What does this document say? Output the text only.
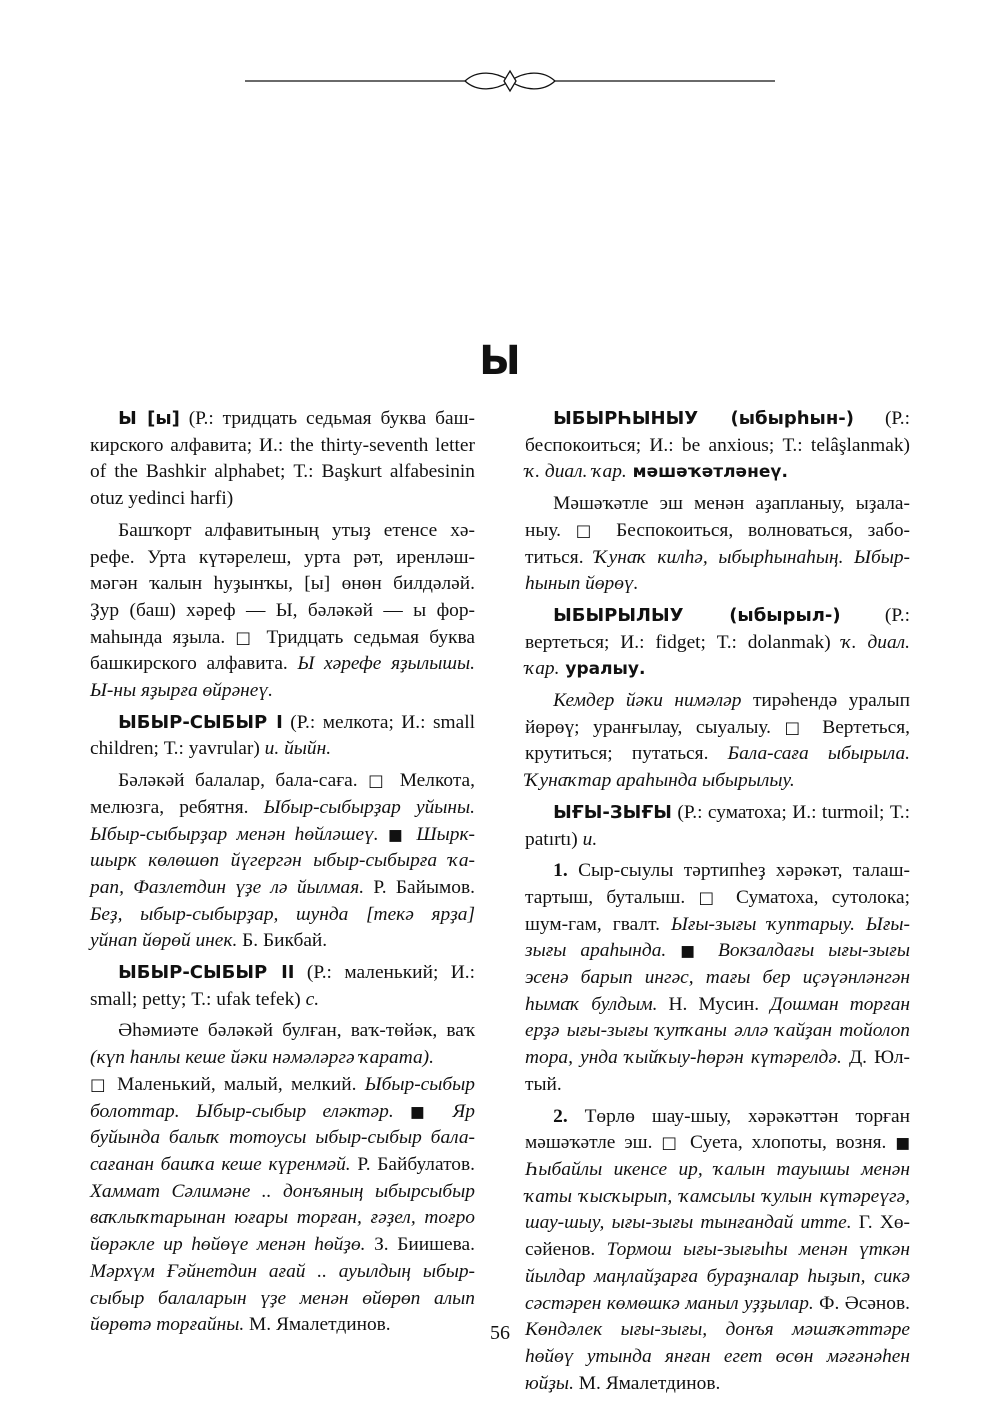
Ы

Ы [ы] (Р.: тридцать седьмая буква башкирского алфавита; И.: the thirty-seventh letter of the Bashkir alphabet; Т.: Başkurt alfabesinin otuz yedinci harfi)

Башҡорт алфавитының утыҙ етенсе хәрефе. Урта күтәрелеш, урта рәт, иренләшмәгән ҡалын һуҙынҡы, [ы] өнөн билдәләй. Ҙур (баш) хәреф — Ы, бәләкәй — ы формаһында яҙыла. □ Тридцать седьмая буква башкирского алфавита. Ы хәрефе яҙылышы. Ы-ны яҙырға өйрәнеү.

ЫБЫР-СЫБЫР I (Р.: мелкота; И.: small children; Т.: yavrular) и. йыйн.

Бәләкәй балалар, бала-саға. □ Мелкота, мелюзга, ребятня. Ыбыр-сыбырҙар уйыны. Ыбыр-сыбырҙар менән һөйләшеү. ■ Шыркшырк көлөшөп йүгергән ыбыр-сыбырға ҡарап, Фазлетдин үҙе лә йылмая. Р. Байымов. Беҙ, ыбыр-сыбырҙар, шунда [текә ярҙа] уйнап йөрөй инек. Б. Бикбай.

ЫБЫР-СЫБЫР II (Р.: маленький; И.: small; petty; Т.: ufak tefek) с.

Әһәмиәте бәләкәй булған, ваҡ-төйәк, ваҡ (күп һанлы кеше йәки нәмәләргә ҡарата).
□ Маленький, малый, мелкий. Ыбыр-сыбыр болоттар. Ыбыр-сыбыр еләктәр. ■ Яр буйында балыҡ тотоусы ыбыр-сыбыр баласағанан башҡа кеше күренмәй. Р. Байбулатов. Хаммат Сәлимәне .. донъяның ыбырсыбыр ваҡлыҡтарынан юғары торған, ғәҙел, тоғро йөрәкле ир һөйөүе менән һөйҙө. З. Биишева. Мәрхүм Ғәйнетдин ағай .. ауылдың ыбыр-сыбыр балаларын үҙе менән өйөрөп алып йөрөтә торғайны. М. Ямалетдинов.

ЫБЫРҺЫНЫУ (ыбырһын-) (Р.: беспокоиться; И.: be anxious; Т.: telâşlanmak) ҡ. диал. ҡар. мәшәҡәтләнеү.

Мәшәҡәтле эш менән аҙапланыу, ыҙаланыу. □ Беспокоиться, волноваться, заботиться. Ҡунаҡ килһә, ыбырһынаһың. Ыбырһынып йөрөү.

ЫБЫРЫЛЫУ (ыбырыл-) (Р.: вертеться; И.: fidget; Т.: dolanmak) ҡ. диал. ҡар. уралыу.

Кемдер йәки нимәләр тирәһендә уралып йөрөү; уранғылау, сыуалыу. □ Вертеться, крутиться; путаться. Бала-саға ыбырыла. Ҡунаҡтар араһында ыбырылыу.

ЫҒЫ-ЗЫҒЫ (Р.: суматоха; И.: turmoil; Т.: patırtı) и.

1. Сыр-сыулы тәртипһеҙ хәрәкәт, талаштартыш, буталыш. □ Суматоха, сутолока; шум-гам, гвалт. Ығы-зығы ҡуптарыу. Ығызығы араһында. ■ Вокзалдағы ығы-зығы эсенә барып ингәс, тағы бер иҫәүәнләнгән һымаҡ булдым. Н. Мусин. Дошман торған ерҙә ығы-зығы ҡупҡаны әллә ҡайҙан тойолоп тора, унда ҡыйҡыу-һөрән күтәрелдә. Д. Юлтый.

2. Төрлө шау-шыу, хәрәкәттән торған мәшәҡәтле эш. □ Суета, хлопоты, возня. ■ Һыбайлы икенсе ир, ҡалын тауышы менән ҡаты ҡысҡырып, ҡамсылы ҡулын күтәреүгә, шау-шыу, ығы-зығы тынғандай итте. Г. Хөсәйенов. Тормош ығы-зығыһы менән үткән йылдар маңлайҙарға бураҙналар һыҙып, сикә сәстәрен көмөшкә маныл уҙҙылар. Ф. Әсәнов. Көндәлек ығы-зығы, донъя мәшәҡәттәре һөйөү утында янған егет өсөн мәғәнәһен юйҙы. М. Ямалетдинов.

56
